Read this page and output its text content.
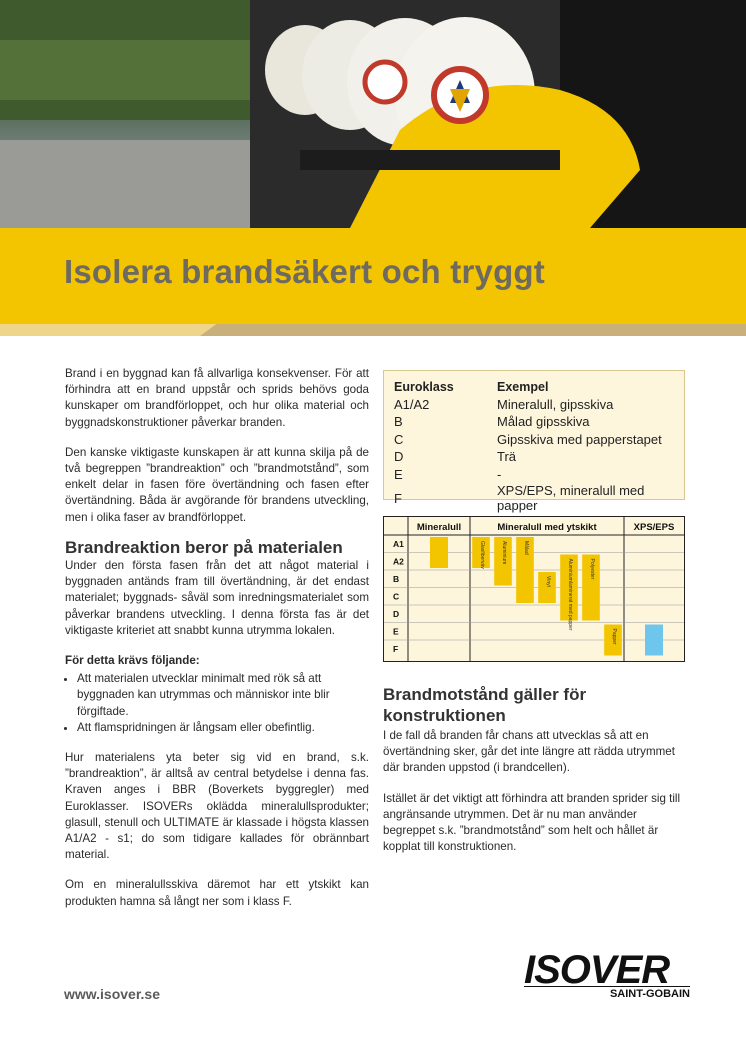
Isolera brandsäkert och tryggt

Brand i en byggnad kan få allvarliga konsekvenser. För att förhindra att en brand uppstår och sprids behövs goda kunskaper om brandförloppet, och hur olika material och byggnadskonstruktioner påverkar branden.

Den kanske viktigaste kunskapen är att kunna skilja på de två begreppen ”brandreaktion” och ”brandmotstånd”, som enkelt delar in fasen före övertändning och fasen efter övertändning. Båda är avgörande för brandens utveckling, men i olika faser av brandförloppet.

Brandreaktion beror på materialen

Under den första fasen från det att något material i byggnaden antänds fram till övertändning, är det endast materialet; byggnads- såväl som inredningsmaterialet som påverkar brandens utveckling. I denna första fas är det viktigaste kriteriet att snabbt kunna utrymma lokalen.

För detta krävs följande:
• Att materialen utvecklar minimalt med rök så att byggnaden kan utrymmas och människor inte blir förgiftade.
• Att flamspridningen är långsam eller obefintlig.

Hur materialens yta beter sig vid en brand, s.k. ”brandreaktion”, är alltså av central betydelse i denna fas. Kraven anges i BBR (Boverkets byggregler) med Euroklasser. ISOVERs oklädda mineralullsprodukter; glasull, stenull och ULTIMATE är klassade i högsta klassen A1/A2 - s1; do som tidigare kallades för obrännbart material.

Om en mineralullsskiva däremot har ett ytskikt kan produkten hamna så långt ner som i klass F.

Euroklass	Exempel
A1/A2	Mineralull, gipsskiva
B	Målad gipsskiva
C	Gipsskiva med papperstapet
D	Trä
E	-
F	XPS/EPS, mineralull med papper
Mineralull	Mineralull med ytskikt	XPS/EPS
A1
A2
B
C
D
E
F
Glasfiberväv	Aluminium	Målad
Vinyl	Aluminiumlaminerat med papper	Polyester
Papper
Brandmotstånd gäller för konstruktionen

I de fall då branden får chans att utvecklas så att en övertändning sker, går det inte längre att rädda utrymmet där branden uppstod (i brandcellen).

Istället är det viktigt att förhindra att branden sprider sig till angränsande utrymmen. Det är nu man använder begreppet s.k. ”brandmotstånd” som helt och hållet är kopplat till konstruktionen.

www.isover.se
ISOVER
SAINT-GOBAIN
